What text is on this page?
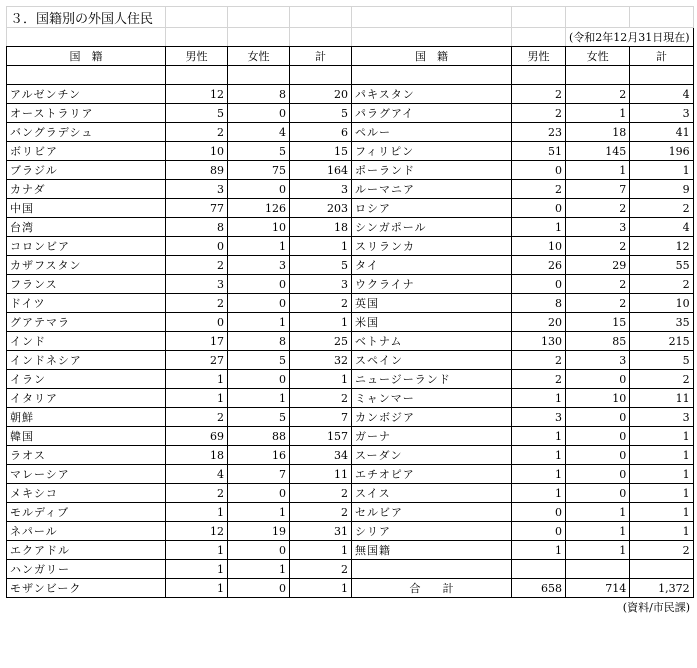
３．国籍別の外国人住民							
						(令和2年12月31日現在)	
国　籍	男性	女性	計	国　籍	男性	女性	計

アルゼンチン	12	8	20	パキスタン	2	2	4
オーストラリア	5	0	5	パラグアイ	2	1	3
バングラデシュ	2	4	6	ペルー	23	18	41
ボリビア	10	5	15	フィリピン	51	145	196
ブラジル	89	75	164	ポーランド	0	1	1
カナダ	3	0	3	ルーマニア	2	7	9
中国	77	126	203	ロシア	0	2	2
台湾	8	10	18	シンガポール	1	3	4
コロンビア	0	1	1	スリランカ	10	2	12
カザフスタン	2	3	5	タイ	26	29	55
フランス	3	0	3	ウクライナ	0	2	2
ドイツ	2	0	2	英国	8	2	10
グアテマラ	0	1	1	米国	20	15	35
インド	17	8	25	ベトナム	130	85	215
インドネシア	27	5	32	スペイン	2	3	5
イラン	1	0	1	ニュージーランド	2	0	2
イタリア	1	1	2	ミャンマー	1	10	11
朝鮮	2	5	7	カンボジア	3	0	3
韓国	69	88	157	ガーナ	1	0	1
ラオス	18	16	34	スーダン	1	0	1
マレーシア	4	7	11	エチオピア	1	0	1
メキシコ	2	0	2	スイス	1	0	1
モルディブ	1	1	2	セルビア	0	1	1
ネパール	12	19	31	シリア	0	1	1
エクアドル	1	0	1	無国籍	1	1	2
ハンガリー	1	1	2				
モザンビーク	1	0	1	合　　計	658	714	1,372
						(資料/市民課)	
